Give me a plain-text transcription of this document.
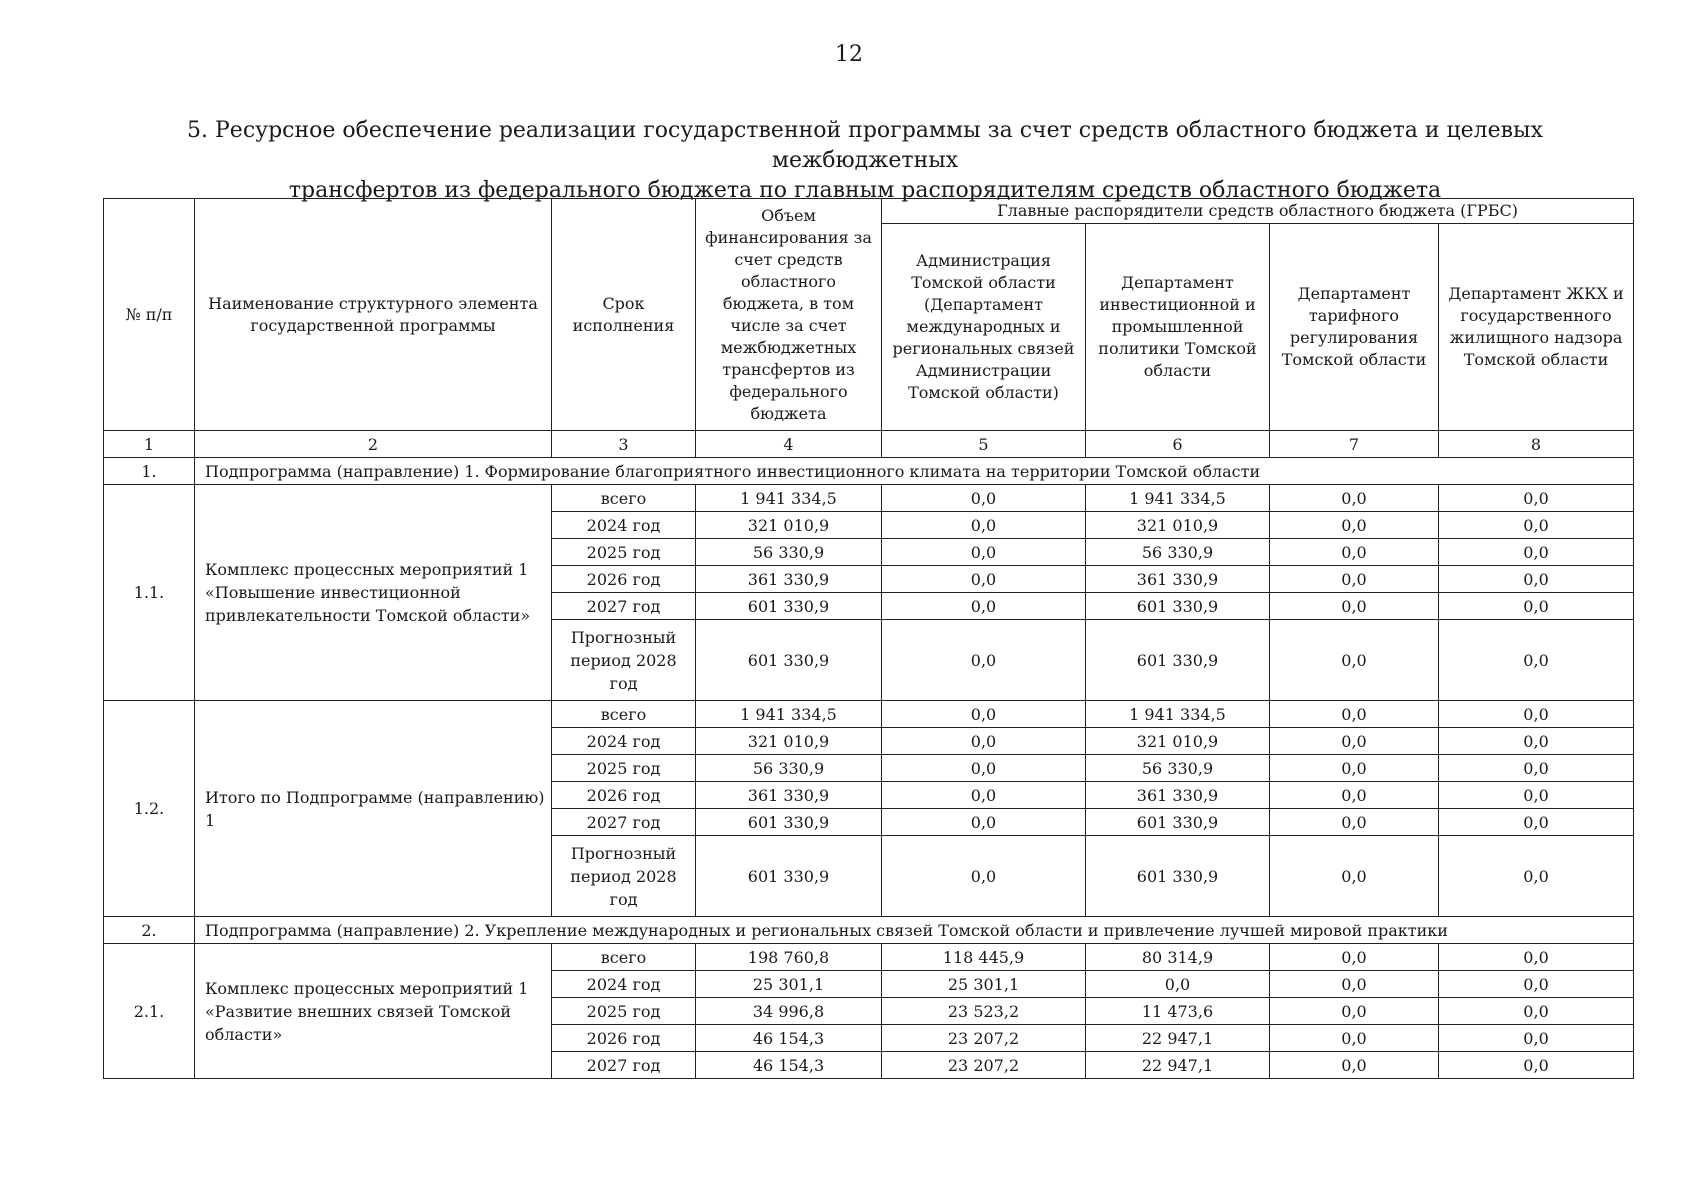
12
5. Ресурсное обеспечение реализации государственной программы за счет средств областного бюджета и целевых межбюджетных
трансфертов из федерального бюджета по главным распорядителям средств областного бюджета
№ п/п	Наименование структурного элемента государственной программы	Срок исполнения	Объем финансирования за счет средств областного бюджета, в том числе за счет межбюджетных трансфертов из федерального бюджета	Главные распорядители средств областного бюджета (ГРБС)			
				Администрация Томской области (Департамент международных и региональных связей Администрации Томской области)	Департамент инвестиционной и промышленной политики Томской области	Департамент тарифного регулирования Томской области	Департамент ЖКХ и государственного жилищного надзора Томской области
1	2	3	4	5	6	7	8
1.	Подпрограмма (направление) 1. Формирование благоприятного инвестиционного климата на территории Томской области						
1.1.	Комплекс процессных мероприятий 1 «Повышение инвестиционной привлекательности Томской области»	всего	1 941 334,5	0,0	1 941 334,5	0,0	0,0
		2024 год	321 010,9	0,0	321 010,9	0,0	0,0
		2025 год	56 330,9	0,0	56 330,9	0,0	0,0
		2026 год	361 330,9	0,0	361 330,9	0,0	0,0
		2027 год	601 330,9	0,0	601 330,9	0,0	0,0
		Прогнозный период 2028 год	601 330,9	0,0	601 330,9	0,0	0,0
1.2.	Итого по Подпрограмме (направлению) 1	всего	1 941 334,5	0,0	1 941 334,5	0,0	0,0
		2024 год	321 010,9	0,0	321 010,9	0,0	0,0
		2025 год	56 330,9	0,0	56 330,9	0,0	0,0
		2026 год	361 330,9	0,0	361 330,9	0,0	0,0
		2027 год	601 330,9	0,0	601 330,9	0,0	0,0
		Прогнозный период 2028 год	601 330,9	0,0	601 330,9	0,0	0,0
2.	Подпрограмма (направление) 2. Укрепление международных и региональных связей Томской области и привлечение лучшей мировой практики						
2.1.	Комплекс процессных мероприятий 1 «Развитие внешних связей Томской области»	всего	198 760,8	118 445,9	80 314,9	0,0	0,0
		2024 год	25 301,1	25 301,1	0,0	0,0	0,0
		2025 год	34 996,8	23 523,2	11 473,6	0,0	0,0
		2026 год	46 154,3	23 207,2	22 947,1	0,0	0,0
		2027 год	46 154,3	23 207,2	22 947,1	0,0	0,0
